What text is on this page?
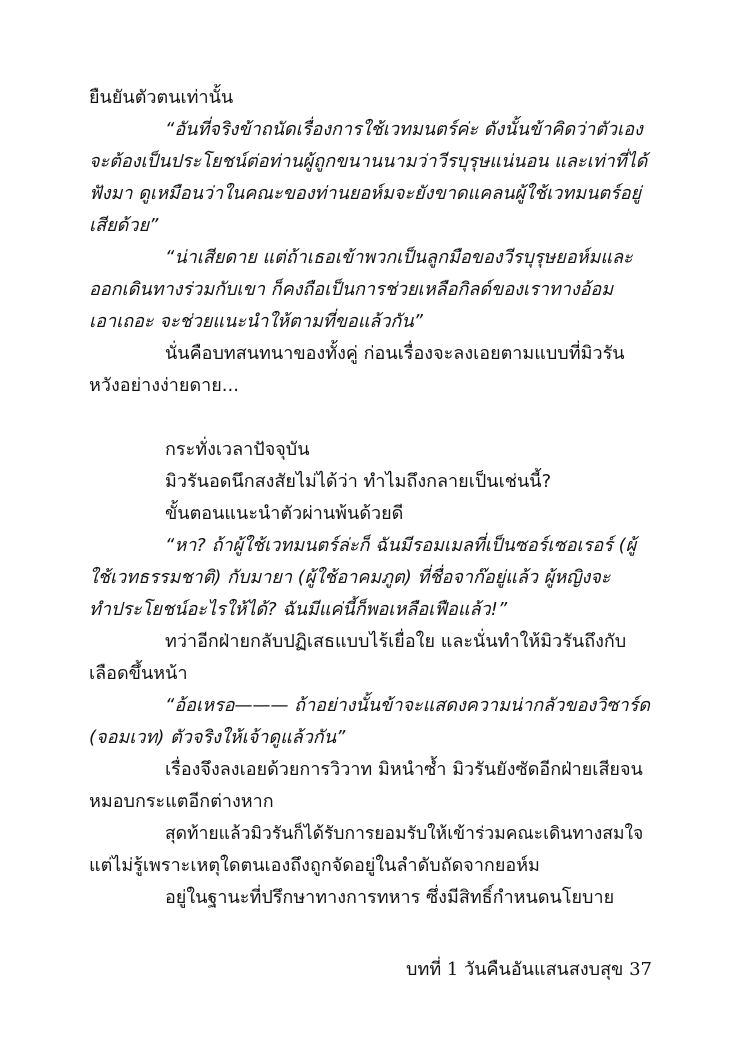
ยืนยันตัวตนเท่านั้น
“อันที่จริงข้าถนัดเรื่องการใช้เวทมนตร์ค่ะ ดังนั้นข้าคิดว่าตัวเอง
จะต้องเป็นประโยชน์ต่อท่านผู้ถูกขนานนามว่าวีรบุรุษแน่นอน และเท่าที่ได้
ฟังมา ดูเหมือนว่าในคณะของท่านยอห์มจะยังขาดแคลนผู้ใช้เวทมนตร์อยู่
เสียด้วย”
“น่าเสียดาย แต่ถ้าเธอเข้าพวกเป็นลูกมือของวีรบุรุษยอห์มและ
ออกเดินทางร่วมกับเขา ก็คงถือเป็นการช่วยเหลือกิลด์ของเราทางอ้อม
เอาเถอะ จะช่วยแนะนำให้ตามที่ขอแล้วกัน”
นั่นคือบทสนทนาของทั้งคู่ ก่อนเรื่องจะลงเอยตามแบบที่มิวรัน
หวังอย่างง่ายดาย...
กระทั่งเวลาปัจจุบัน
มิวรันอดนึกสงสัยไม่ได้ว่า ทำไมถึงกลายเป็นเช่นนี้?
ขั้นตอนแนะนำตัวผ่านพ้นด้วยดี
“หา? ถ้าผู้ใช้เวทมนตร์ล่ะก็ ฉันมีรอมเมลที่เป็นซอร์เซอเรอร์ (ผู้
ใช้เวทธรรมชาติ) กับมายา (ผู้ใช้อาคมภูต) ที่ชื่อจาก๊อยู่แล้ว ผู้หญิงจะ
ทำประโยชน์อะไรให้ได้? ฉันมีแค่นี้ก็พอเหลือเฟือแล้ว!”
ทว่าอีกฝ่ายกลับปฏิเสธแบบไร้เยื่อใย และนั่นทำให้มิวรันถึงกับ
เลือดขึ้นหน้า
“อ้อเหรอ——— ถ้าอย่างนั้นข้าจะแสดงความน่ากลัวของวิซาร์ด
(จอมเวท) ตัวจริงให้เจ้าดูแล้วกัน”
เรื่องจึงลงเอยด้วยการวิวาท มิหนำซ้ำ มิวรันยังซัดอีกฝ่ายเสียจน
หมอบกระแตอีกต่างหาก
สุดท้ายแล้วมิวรันก็ได้รับการยอมรับให้เข้าร่วมคณะเดินทางสมใจ
แต่ไม่รู้เพราะเหตุใดตนเองถึงถูกจัดอยู่ในลำดับถัดจากยอห์ม
อยู่ในฐานะที่ปรึกษาทางการทหาร ซึ่งมีสิทธิ์กำหนดนโยบาย
บทที่ 1 วันคืนอันแสนสงบสุข 37
